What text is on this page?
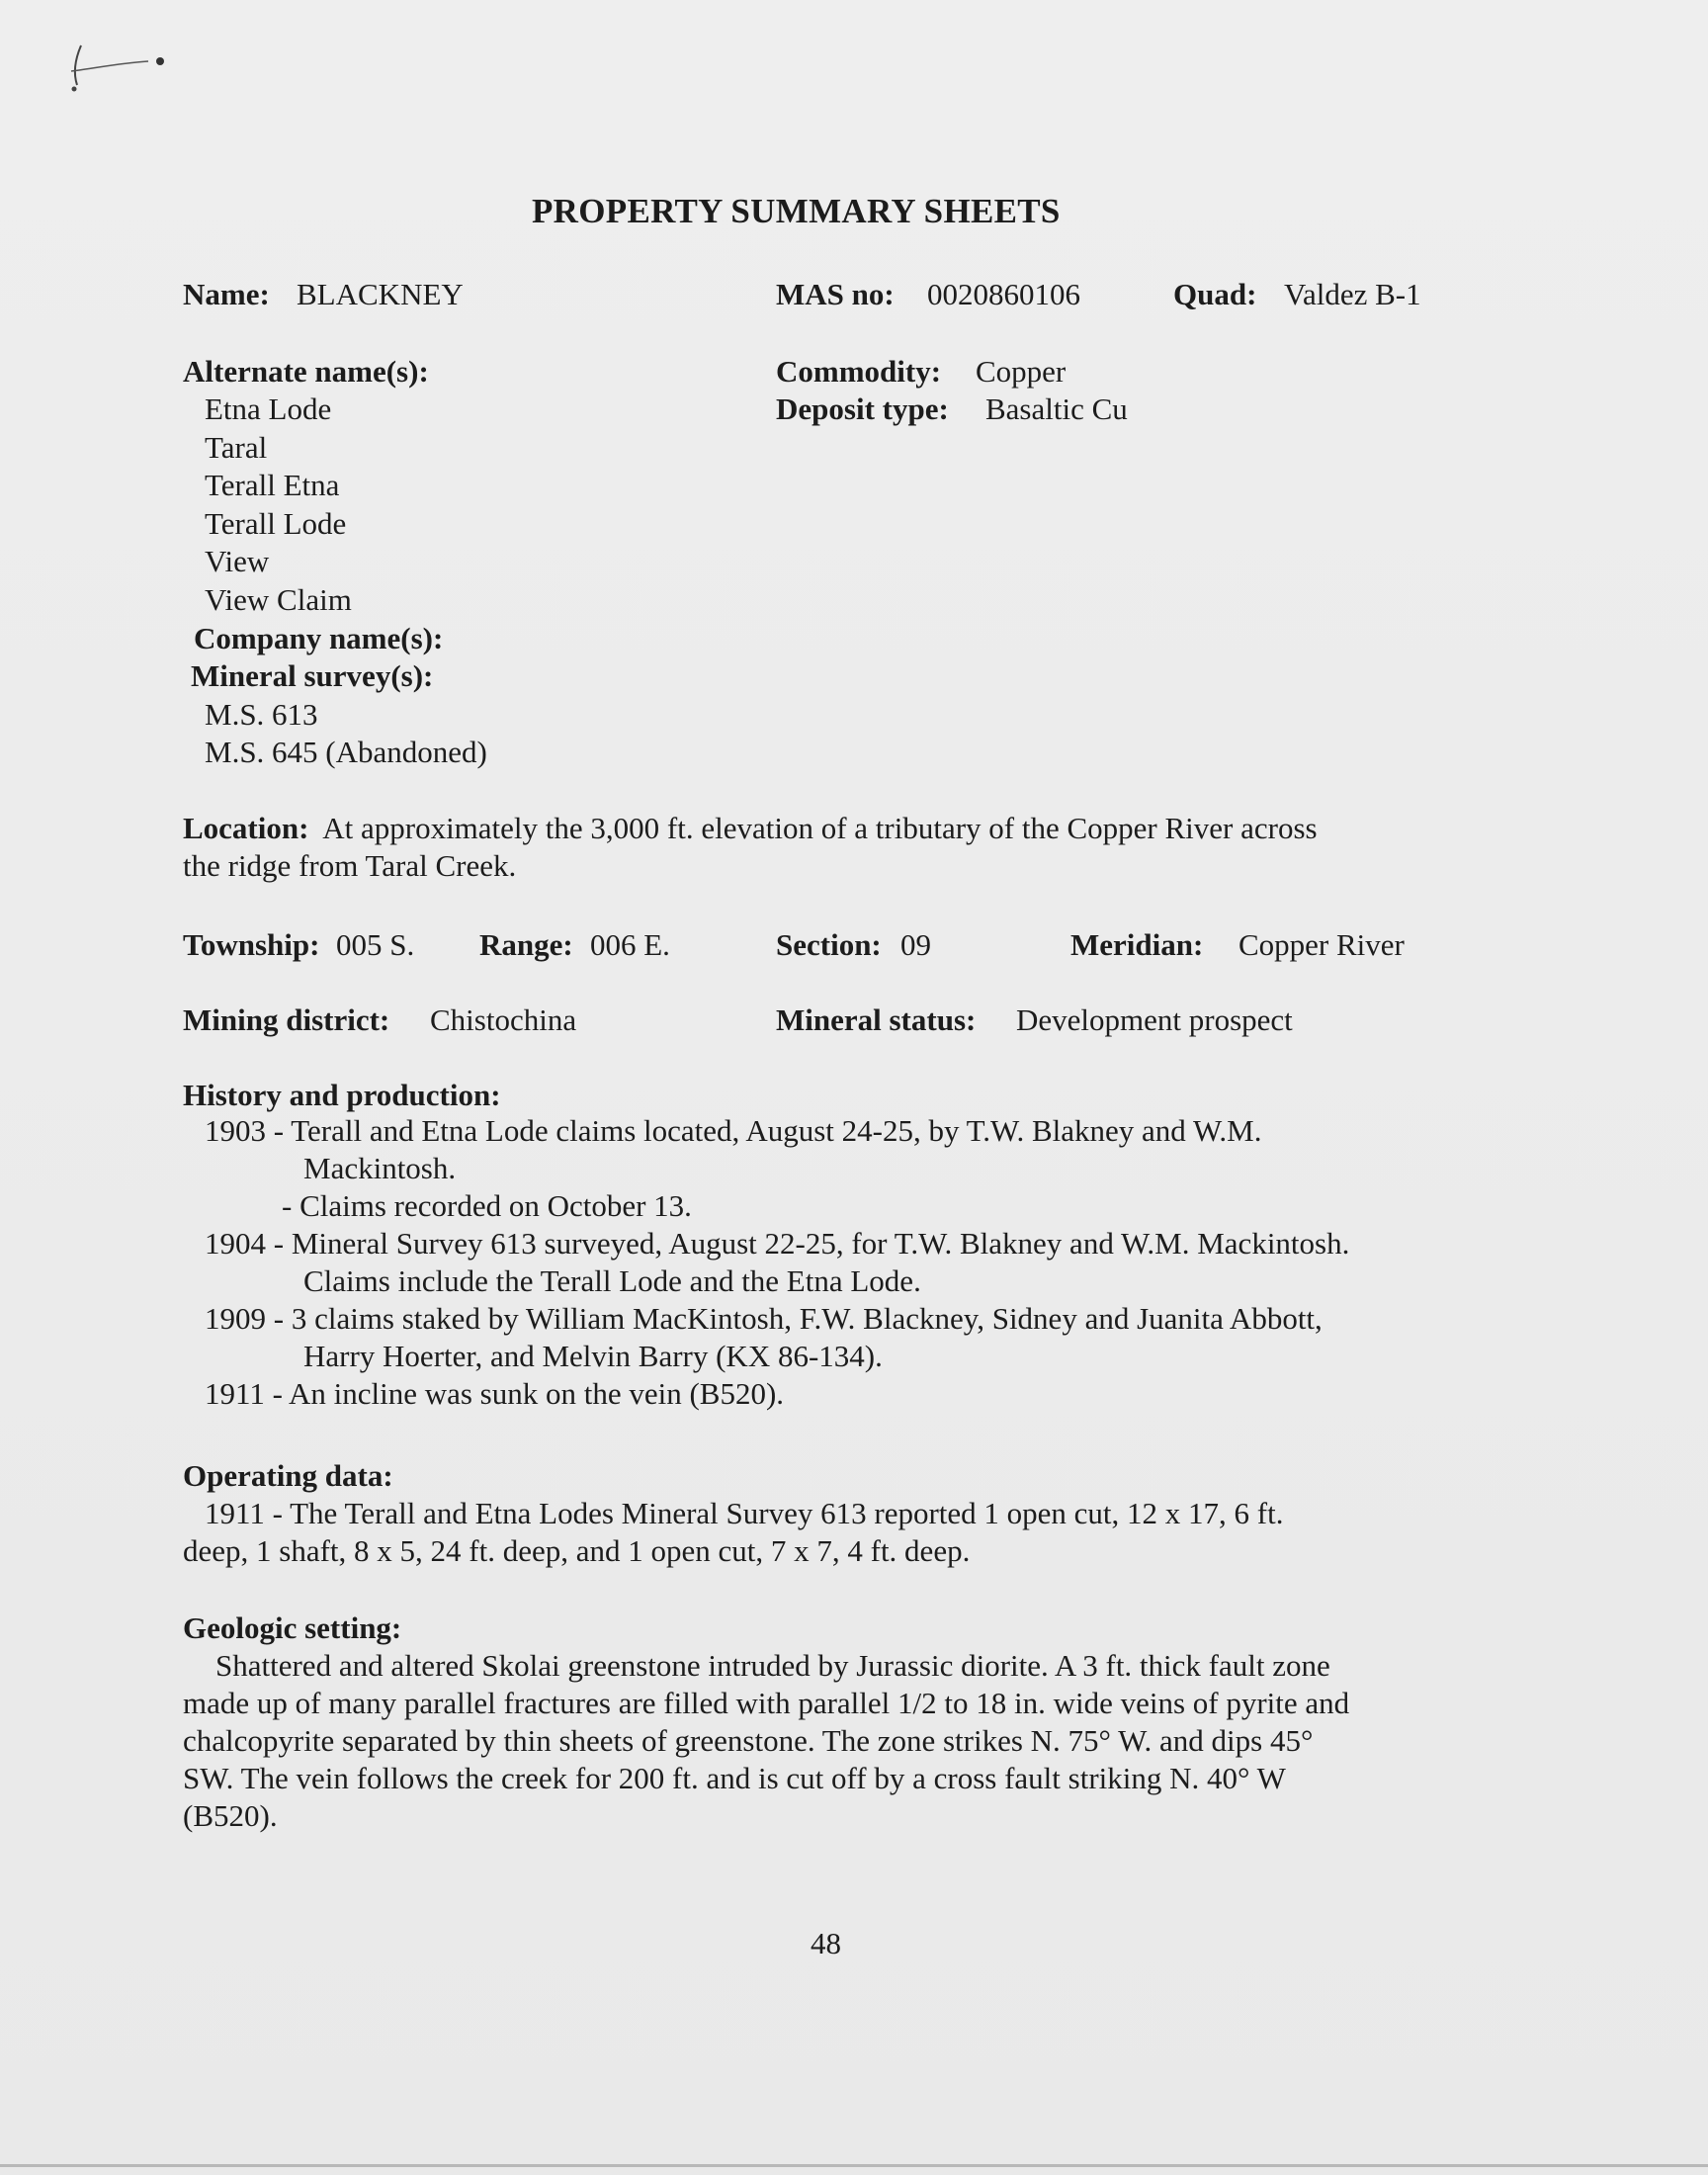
PROPERTY SUMMARY SHEETS
Name: BLACKNEY	MAS no: 0020860106	Quad: Valdez B-1
Alternate name(s):
Etna Lode
Taral
Terall Etna
Terall Lode
View
View Claim
Commodity: Copper
Deposit type: Basaltic Cu
Company name(s):
Mineral survey(s):
M.S. 613
M.S. 645 (Abandoned)
Location: At approximately the 3,000 ft. elevation of a tributary of the Copper River across
the ridge from Taral Creek.
Township: 005 S. Range: 006 E.	Section: 09	Meridian: Copper River
Mining district: Chistochina	Mineral status: Development prospect
History and production:
1903 - Terall and Etna Lode claims located, August 24-25, by T.W. Blakney and W.M.
Mackintosh.
- Claims recorded on October 13.
1904 - Mineral Survey 613 surveyed, August 22-25, for T.W. Blakney and W.M. Mackintosh.
Claims include the Terall Lode and the Etna Lode.
1909 - 3 claims staked by William MacKintosh, F.W. Blackney, Sidney and Juanita Abbott,
Harry Hoerter, and Melvin Barry (KX 86-134).
1911 - An incline was sunk on the vein (B520).
Operating data:
1911 - The Terall and Etna Lodes Mineral Survey 613 reported 1 open cut, 12 x 17, 6 ft.
deep, 1 shaft, 8 x 5, 24 ft. deep, and 1 open cut, 7 x 7, 4 ft. deep.
Geologic setting:
Shattered and altered Skolai greenstone intruded by Jurassic diorite. A 3 ft. thick fault zone
made up of many parallel fractures are filled with parallel 1/2 to 18 in. wide veins of pyrite and
chalcopyrite separated by thin sheets of greenstone. The zone strikes N. 75° W. and dips 45°
SW. The vein follows the creek for 200 ft. and is cut off by a cross fault striking N. 40° W
(B520).
48
